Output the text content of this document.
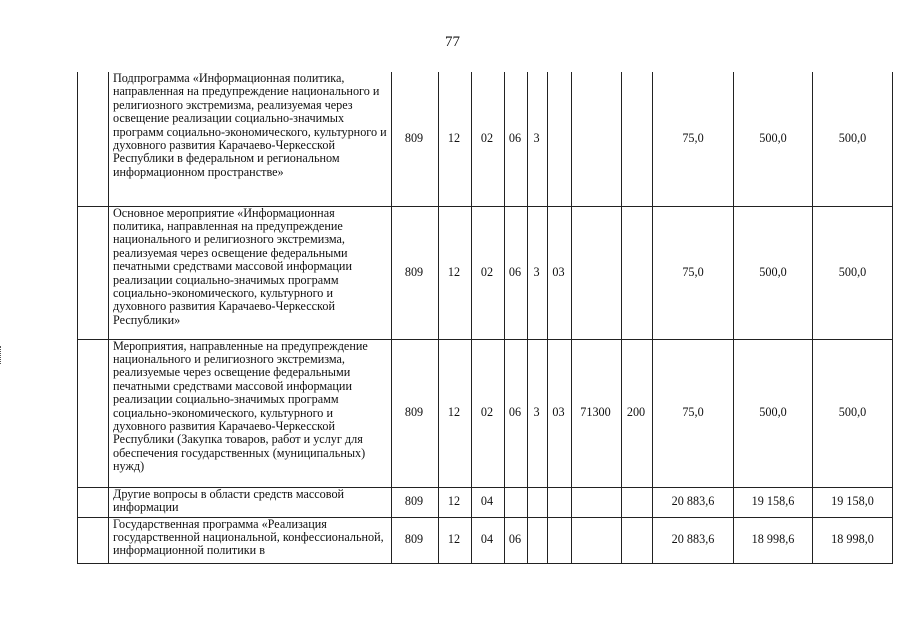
77
	Подпрограмма «Информационная политика, направленная на предупреждение национального и религиозного экстремизма, реализуемая через освещение реализации социально-значимых программ социально-экономического, культурного и духовного развития Карачаево-Черкесской Республики в федеральном и региональном информационном пространстве»	809	12	02	06	3				75,0	500,0	500,0
	Основное мероприятие «Информационная политика, направленная на предупреждение национального и религиозного экстремизма, реализуемая через освещение федеральными печатными средствами массовой информации реализации социально-значимых программ социально-экономического, культурного и духовного развития Карачаево-Черкесской Республики»	809	12	02	06	3	03			75,0	500,0	500,0
	Мероприятия, направленные на предупреждение национального и религиозного экстремизма, реализуемые через освещение федеральными печатными средствами массовой информации реализации социально-значимых программ социально-экономического, культурного и духовного развития Карачаево-Черкесской Республики (Закупка товаров, работ и услуг для обеспечения государственных (муниципальных) нужд)	809	12	02	06	3	03	71300	200	75,0	500,0	500,0
	Другие вопросы в области средств массовой информации	809	12	04						20 883,6	19 158,6	19 158,0
	Государственная программа «Реализация государственной национальной, конфессиональной, информационной политики в	809	12	04	06					20 883,6	18 998,6	18 998,0
